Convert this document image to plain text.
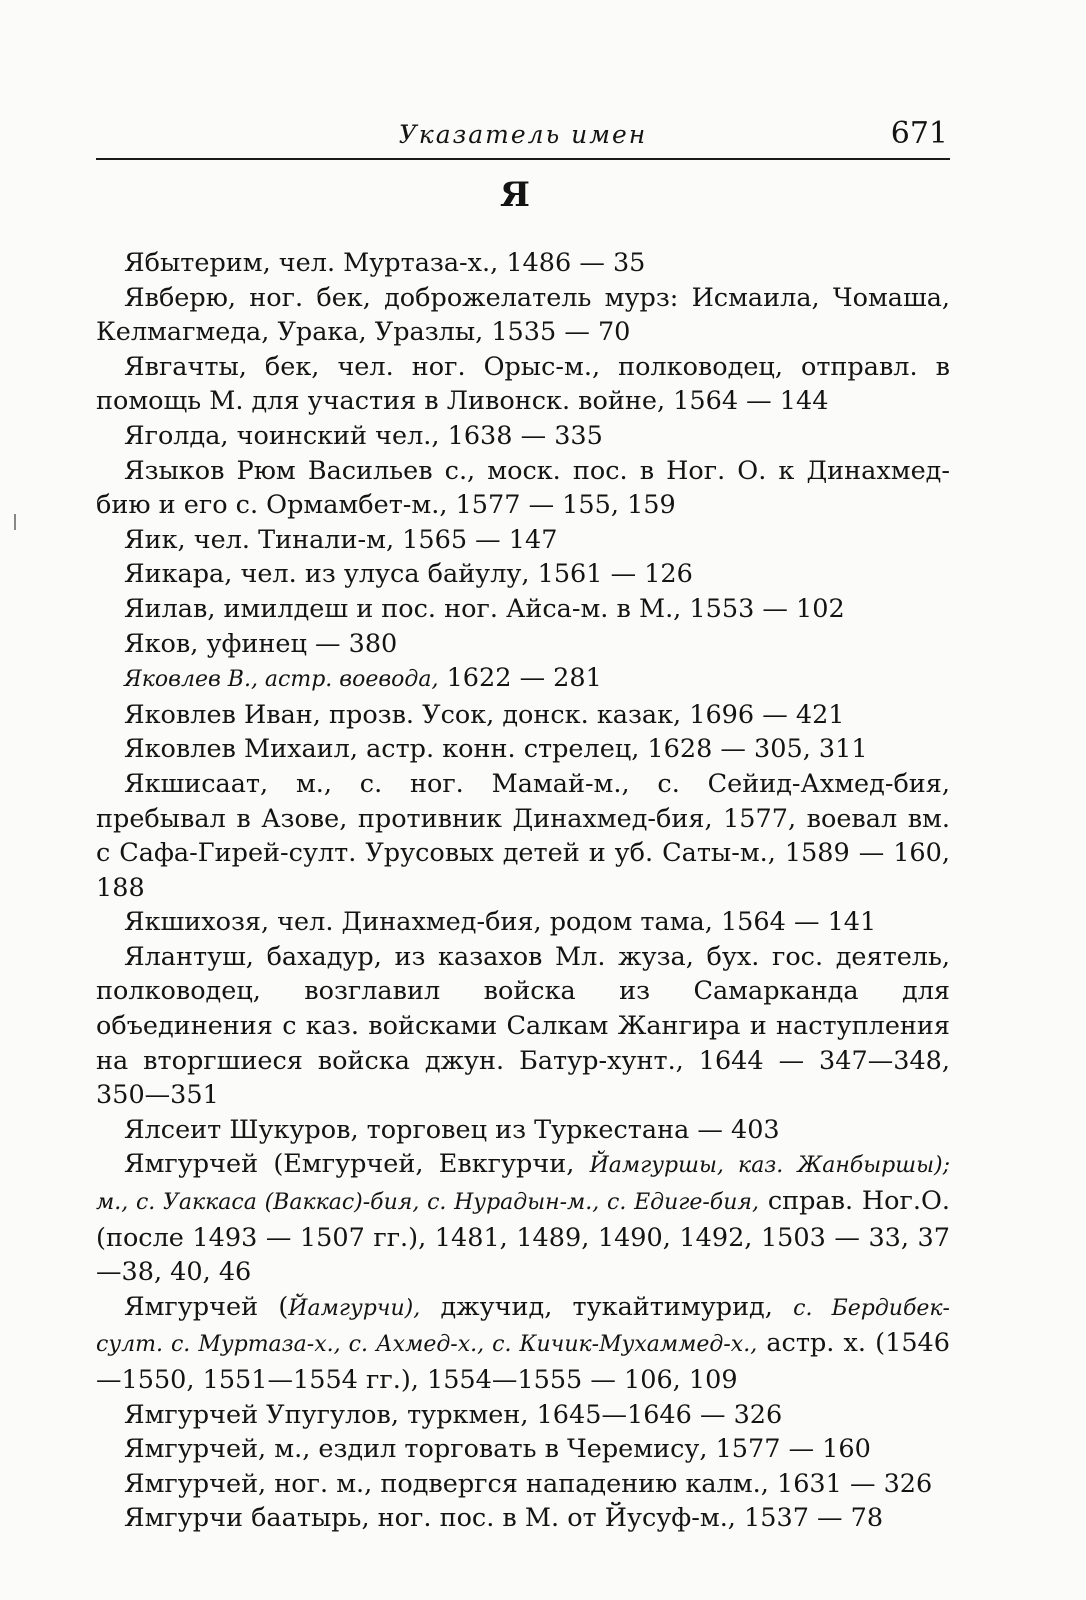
Указатель имен	671
Я

Ябытерим, чел. Муртаза-х., 1486 — 35

Явберю, ног. бек, доброжелатель мурз: Исмаила, Чомаша, Келмагмеда, Урака, Уразлы, 1535 — 70

Явгачты, бек, чел. ног. Орыс-м., полководец, отправл. в помощь М. для участия в Ливонск. войне, 1564 — 144

Яголда, чоинский чел., 1638 — 335

Языков Рюм Васильев с., моск. пос. в Ног. О. к Динахмед-бию и его с. Ормамбет-м., 1577 — 155, 159

Яик, чел. Тинали-м, 1565 — 147

Яикара, чел. из улуса байулу, 1561 — 126

Яилав, имилдеш и пос. ног. Айса-м. в М., 1553 — 102

Яков, уфинец — 380

Яковлев В., астр. воевода, 1622 — 281

Яковлев Иван, прозв. Усок, донск. казак, 1696 — 421

Яковлев Михаил, астр. конн. стрелец, 1628 — 305, 311

Якшисаат, м., с. ног. Мамай-м., с. Сейид-Ахмед-бия, пребывал в Азове, противник Динахмед-бия, 1577, воевал вм. с Сафа-Гирей-султ. Урусовых детей и уб. Саты-м., 1589 — 160, 188

Якшихозя, чел. Динахмед-бия, родом тама, 1564 — 141

Ялантуш, бахадур, из казахов Мл. жуза, бух. гос. деятель, полководец, возглавил войска из Самарканда для объединения с каз. войсками Салкам Жангира и наступления на вторгшиеся войска джун. Батур-хунт., 1644 — 347—348, 350—351

Ялсеит Шукуров, торговец из Туркестана — 403

Ямгурчей (Емгурчей, Евкгурчи, Йамгуршы, каз. Жанбыршы); м., с. Уаккаса (Ваккас)-бия, с. Нурадын-м., с. Едиге-бия, справ. Ног.О. (после 1493 — 1507 гг.), 1481, 1489, 1490, 1492, 1503 — 33, 37—38, 40, 46

Ямгурчей (Йамгурчи), джучид, тукайтимурид, с. Бердибек-султ. с. Муртаза-х., с. Ахмед-х., с. Кичик-Мухаммед-х., астр. х. (1546—1550, 1551—1554 гг.), 1554—1555 — 106, 109

Ямгурчей Упугулов, туркмен, 1645—1646 — 326

Ямгурчей, м., ездил торговать в Черемису, 1577 — 160

Ямгурчей, ног. м., подвергся нападению калм., 1631 — 326

Ямгурчи баатырь, ног. пос. в М. от Йусуф-м., 1537 — 78
